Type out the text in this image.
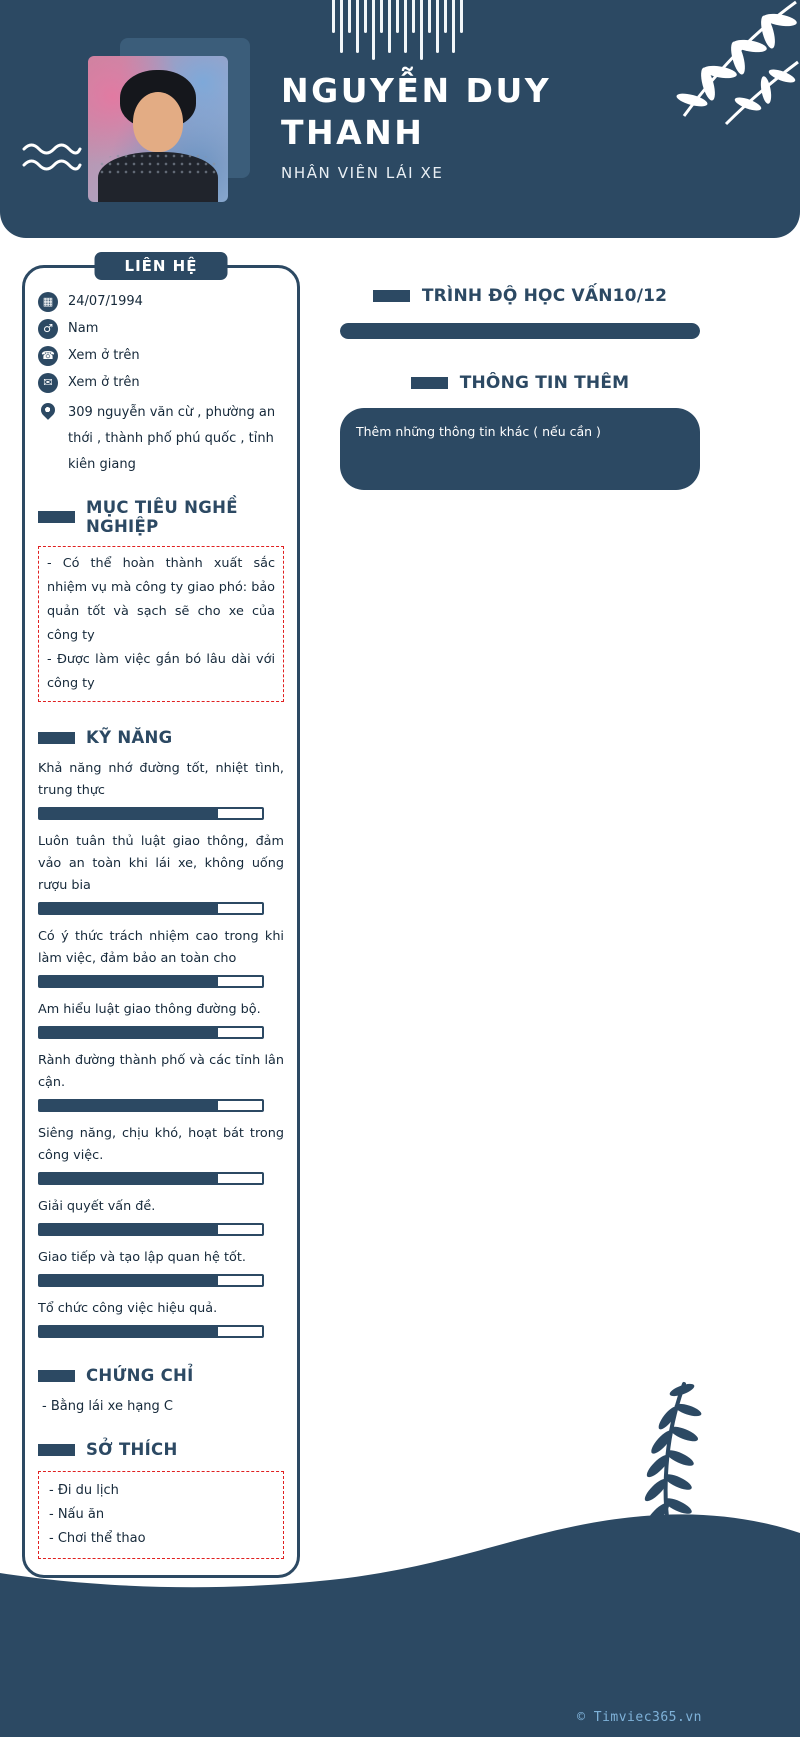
NGUYỄN DUY
THANH
NHÂN VIÊN LÁI XE
LIÊN HỆ
▦	24/07/1994
♂	Nam
☎ Xem ở trên
✉	Xem ở trên
309 nguyễn văn cừ , phường an thới , thành phố phú quốc , tỉnh kiên giang
MỤC TIÊU NGHỀ NGHIỆP

- Có thể hoàn thành xuất sắc nhiệm vụ mà công ty giao phó: bảo quản tốt và sạch sẽ cho xe của công ty

- Được làm việc gắn bó lâu dài với công ty

KỸ NĂNG
Khả năng nhớ đường tốt, nhiệt tình, trung thực
Luôn tuân thủ luật giao thông, đảm vảo an toàn khi lái xe, không uống rượu bia
Có ý thức trách nhiệm cao trong khi làm việc, đảm bảo an toàn cho
Am hiểu luật giao thông đường bộ.
Rành đường thành phố và các tỉnh lân cận.
Siêng năng, chịu khó, hoạt bát trong công việc.
Giải quyết vấn đề.
Giao tiếp và tạo lập quan hệ tốt.
Tổ chức công việc hiệu quả.
CHỨNG CHỈ
- Bằng lái xe hạng C
SỞ THÍCH
- Đi du lịch
- Nấu ăn
- Chơi thể thao
TRÌNH ĐỘ HỌC VẤN10/12
THÔNG TIN THÊM
Thêm những thông tin khác ( nếu cần )
© Timviec365.vn
